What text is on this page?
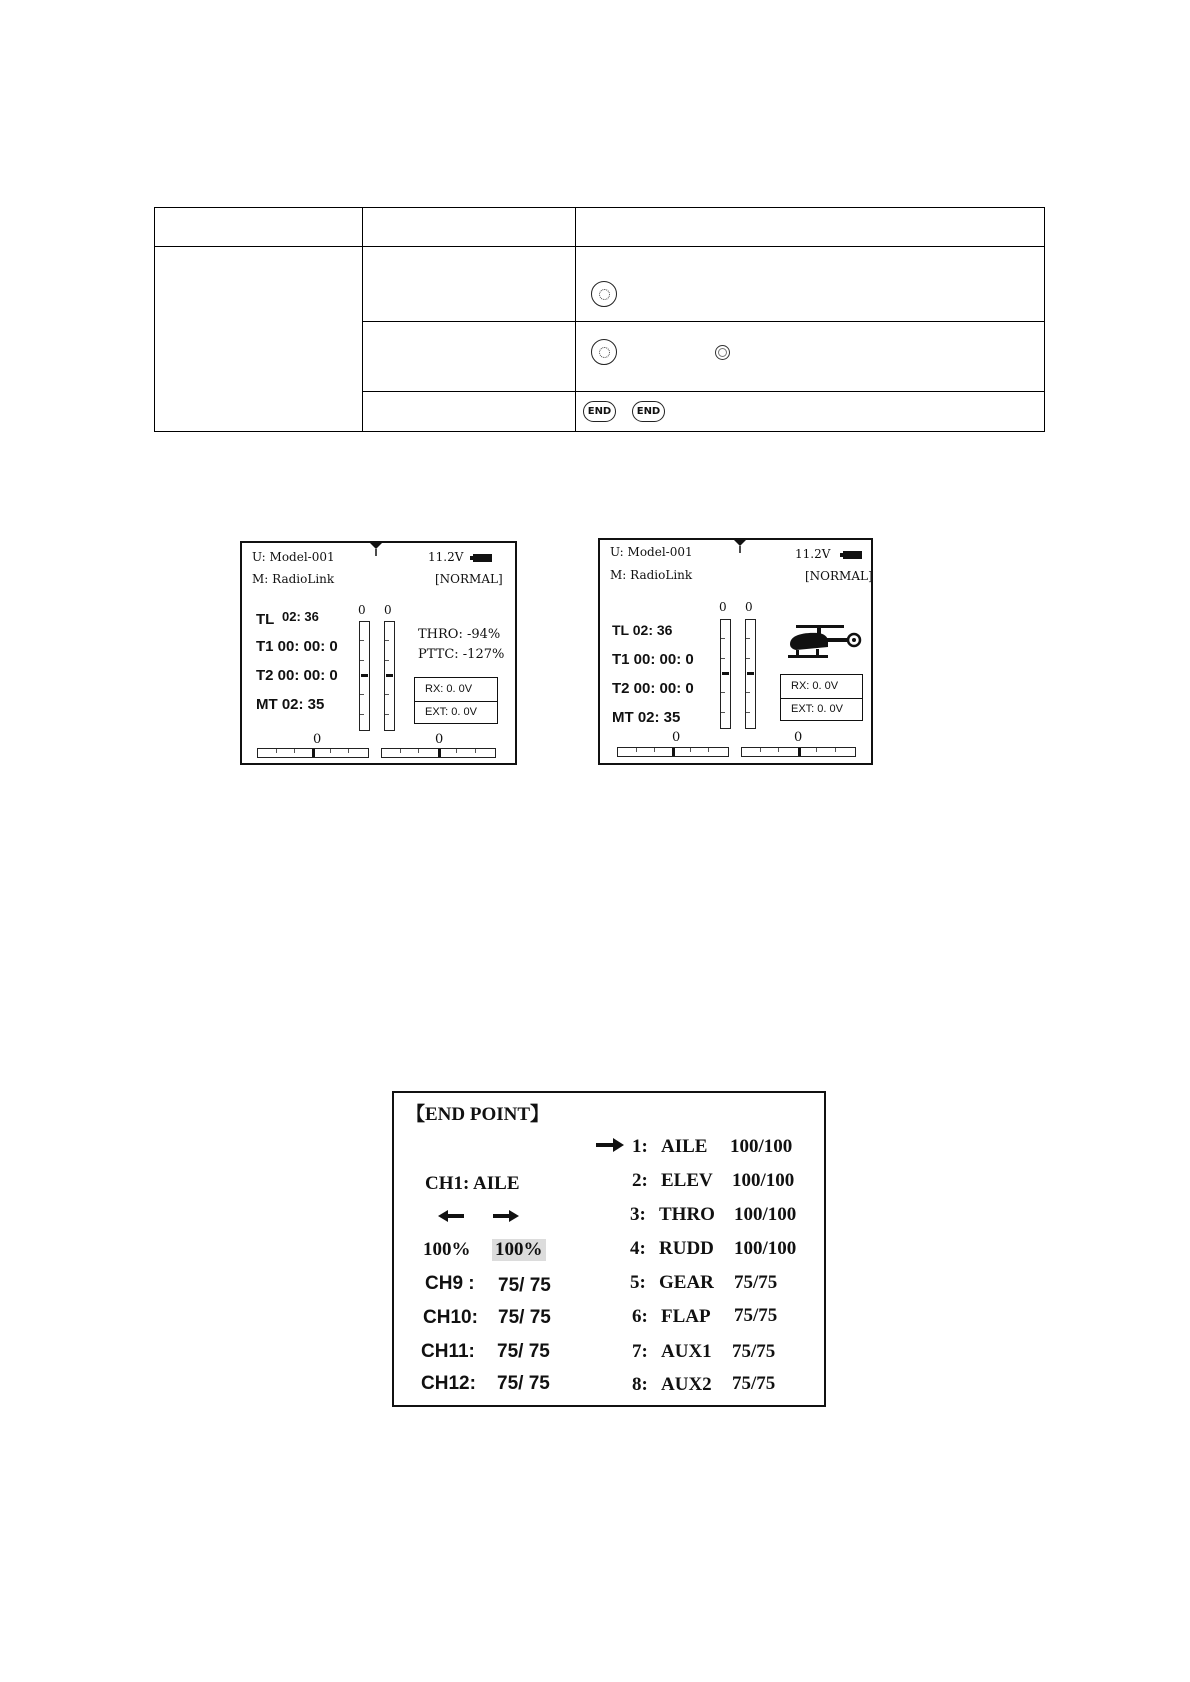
END	END
U: Model-001
M: RadioLink
11.2V
[NORMAL]
0 0
TL 02: 36
T1 00: 00: 0
T2 00: 00: 0
MT 02: 35
THRO: -94%
PTTC: -127%
RX: 0. 0V
EXT: 0. 0V
0	0
U: Model-001
M: RadioLink
11.2V
[NORMAL]
0 0
TL 02: 36
T1 00: 00: 0
T2 00: 00: 0
MT 02: 35
RX: 0. 0V
EXT: 0. 0V
0	0
【END POINT】
CH1: AILE
100% 100%
CH9 : 75/ 75
CH10: 75/ 75
CH11: 75/ 75
CH12: 75/ 75
1: AILE 100/100
2: ELEV 100/100
3: THRO 100/100
4: RUDD 100/100
5: GEAR 75/75
6: FLAP 75/75
7: AUX1 75/75
8: AUX2 75/75
